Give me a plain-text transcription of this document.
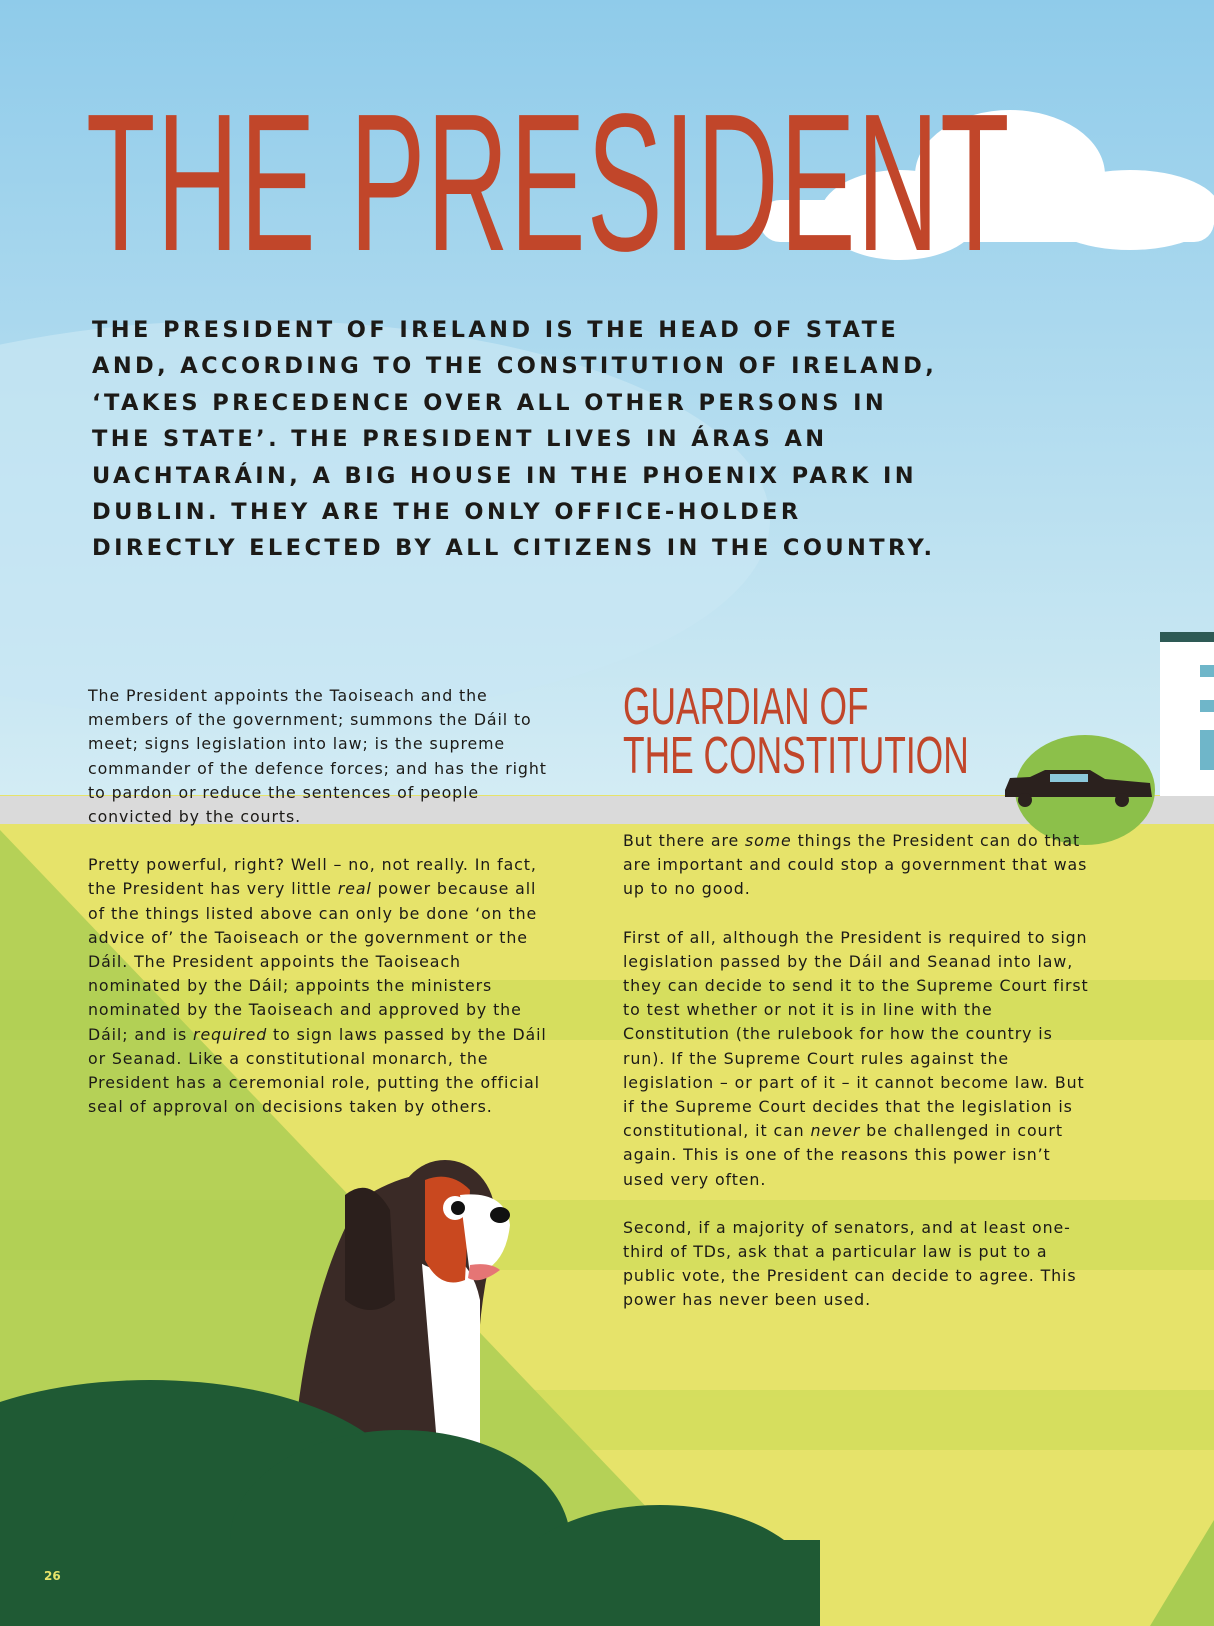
THE PRESIDENT
THE PRESIDENT OF IRELAND IS THE HEAD OF STATE AND, ACCORDING TO THE CONSTITUTION OF IRELAND, ‘TAKES PRECEDENCE OVER ALL OTHER PERSONS IN THE STATE’. THE PRESIDENT LIVES IN ÁRAS AN UACHTARÁIN, A BIG HOUSE IN THE PHOENIX PARK IN DUBLIN. THEY ARE THE ONLY OFFICE-HOLDER DIRECTLY ELECTED BY ALL CITIZENS IN THE COUNTRY.

The President appoints the Taoiseach and the members of the government; summons the Dáil to meet; signs legislation into law; is the supreme commander of the defence forces; and has the right to pardon or reduce the sentences of people convicted by the courts.

Pretty powerful, right? Well – no, not really. In fact, the President has very little real power because all of the things listed above can only be done ‘on the advice of’ the Taoiseach or the government or the Dáil. The President appoints the Taoiseach nominated by the Dáil; appoints the ministers nominated by the Taoiseach and approved by the Dáil; and is required to sign laws passed by the Dáil or Seanad. Like a constitutional monarch, the President has a ceremonial role, putting the official seal of approval on decisions taken by others.

GUARDIAN OF
THE CONSTITUTION

But there are some things the President can do that are important and could stop a government that was up to no good.

First of all, although the President is required to sign legislation passed by the Dáil and Seanad into law, they can decide to send it to the Supreme Court first to test whether or not it is in line with the Constitution (the rulebook for how the country is run). If the Supreme Court rules against the legislation – or part of it – it cannot become law. But if the Supreme Court decides that the legislation is constitutional, it can never be challenged in court again. This is one of the reasons this power isn’t used very often.

Second, if a majority of senators, and at least one-third of TDs, ask that a particular law is put to a public vote, the President can decide to agree. This power has never been used.

26
